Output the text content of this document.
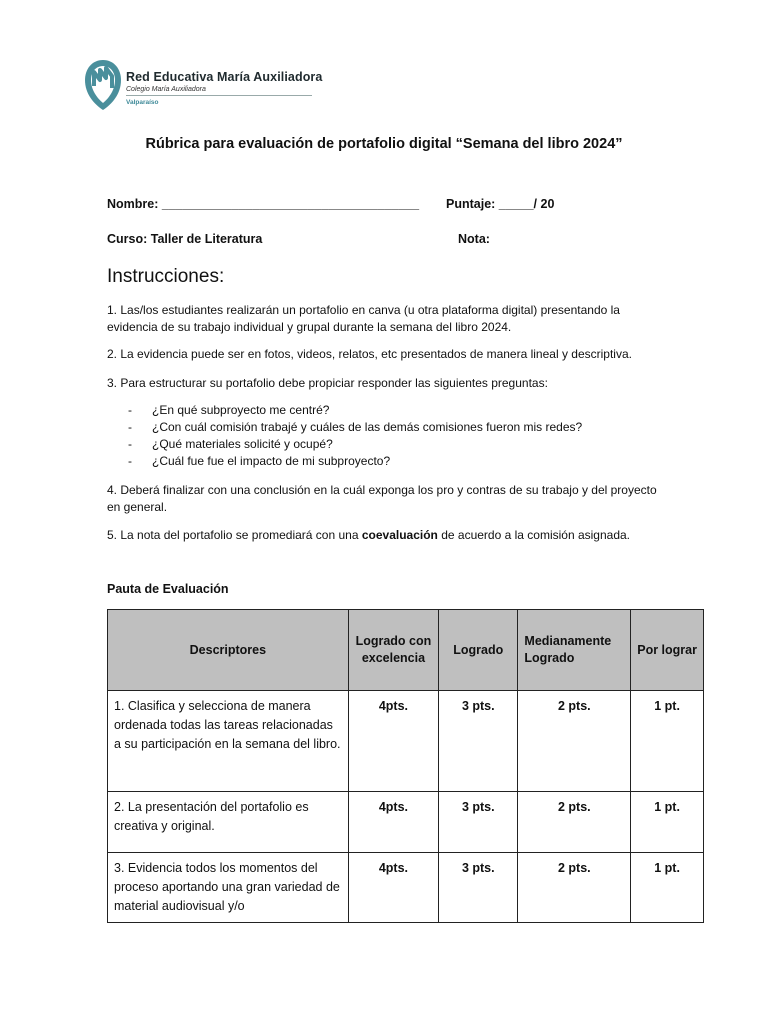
Red Educativa María Auxiliadora
Colegio María Auxiliadora
Valparaíso
Rúbrica para evaluación de portafolio digital “Semana del libro 2024”
Nombre: _____________________________________ Puntaje: _____/ 20
Curso: Taller de Literatura	Nota:
Instrucciones:
1. Las/los estudiantes realizarán un portafolio en canva (u otra plataforma digital) presentando la evidencia de su trabajo individual y grupal durante la semana del libro 2024.
2. La evidencia puede ser en fotos, videos, relatos, etc presentados de manera lineal y descriptiva.
3. Para estructurar su portafolio debe propiciar responder las siguientes preguntas:
- ¿En qué subproyecto me centré?
- ¿Con cuál comisión trabajé y cuáles de las demás comisiones fueron mis redes?
- ¿Qué materiales solicité y ocupé?
- ¿Cuál fue fue el impacto de mi subproyecto?
4. Deberá finalizar con una conclusión en la cuál exponga los pro y contras de su trabajo y del proyecto en general.
5. La nota del portafolio se promediará con una coevaluación de acuerdo a la comisión asignada.
Pauta de Evaluación
Descriptores	Logrado con excelencia	Logrado	Medianamente Logrado	Por lograr
1. Clasifica y selecciona de manera ordenada todas las tareas relacionadas a su participación en la semana del libro.	4pts.	3 pts.	2 pts.	1 pt.
2. La presentación del portafolio es creativa y original.	4pts.	3 pts.	2 pts.	1 pt.
3. Evidencia todos los momentos del proceso aportando una gran variedad de material audiovisual y/o	4pts.	3 pts.	2 pts.	1 pt.
